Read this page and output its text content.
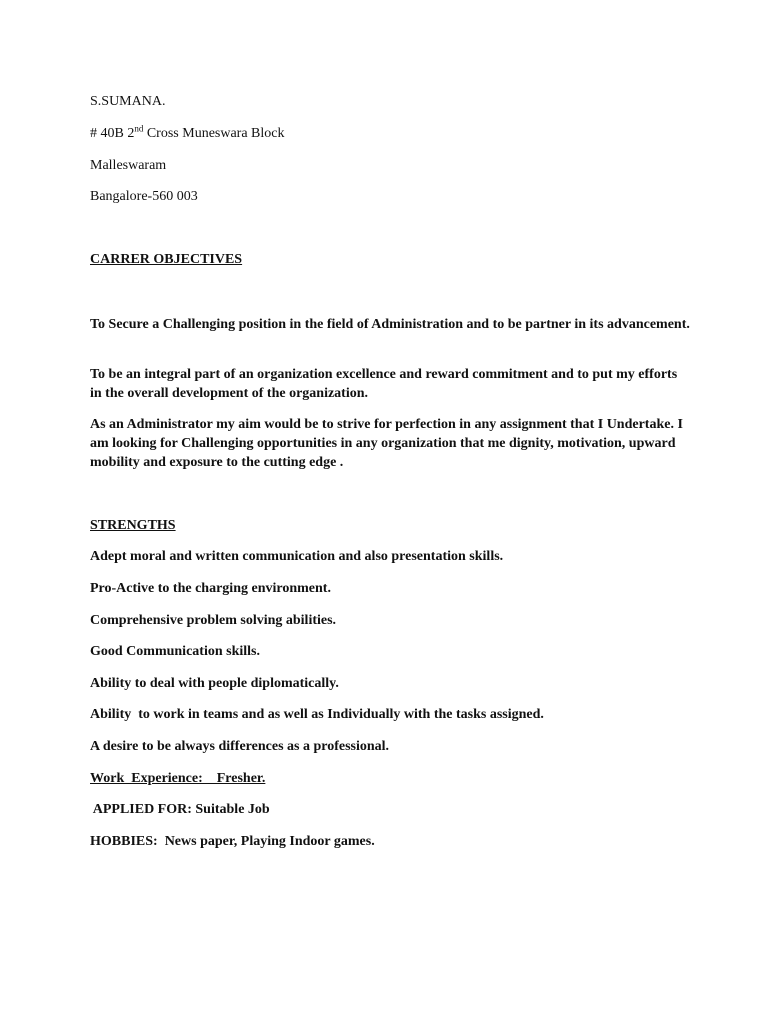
S.SUMANA.
# 40B 2nd Cross Muneswara Block
Malleswaram
Bangalore-560 003
CARRER OBJECTIVES
To Secure a Challenging position in the field of Administration and to be partner in its advancement.
To be an integral part of an organization excellence and reward commitment and to put my efforts in the overall development of the organization.
As an Administrator my aim would be to strive for perfection in any assignment that I Undertake. I am looking for Challenging opportunities in any organization that me dignity, motivation, upward mobility and exposure to the cutting edge .
STRENGTHS
Adept moral and written communication and also presentation skills.
Pro-Active to the charging environment.
Comprehensive problem solving abilities.
Good Communication skills.
Ability to deal with people diplomatically.
Ability  to work in teams and as well as Individually with the tasks assigned.
A desire to be always differences as a professional.
Work  Experience:    Fresher.
APPLIED FOR: Suitable Job
HOBBIES:  News paper, Playing Indoor games.
